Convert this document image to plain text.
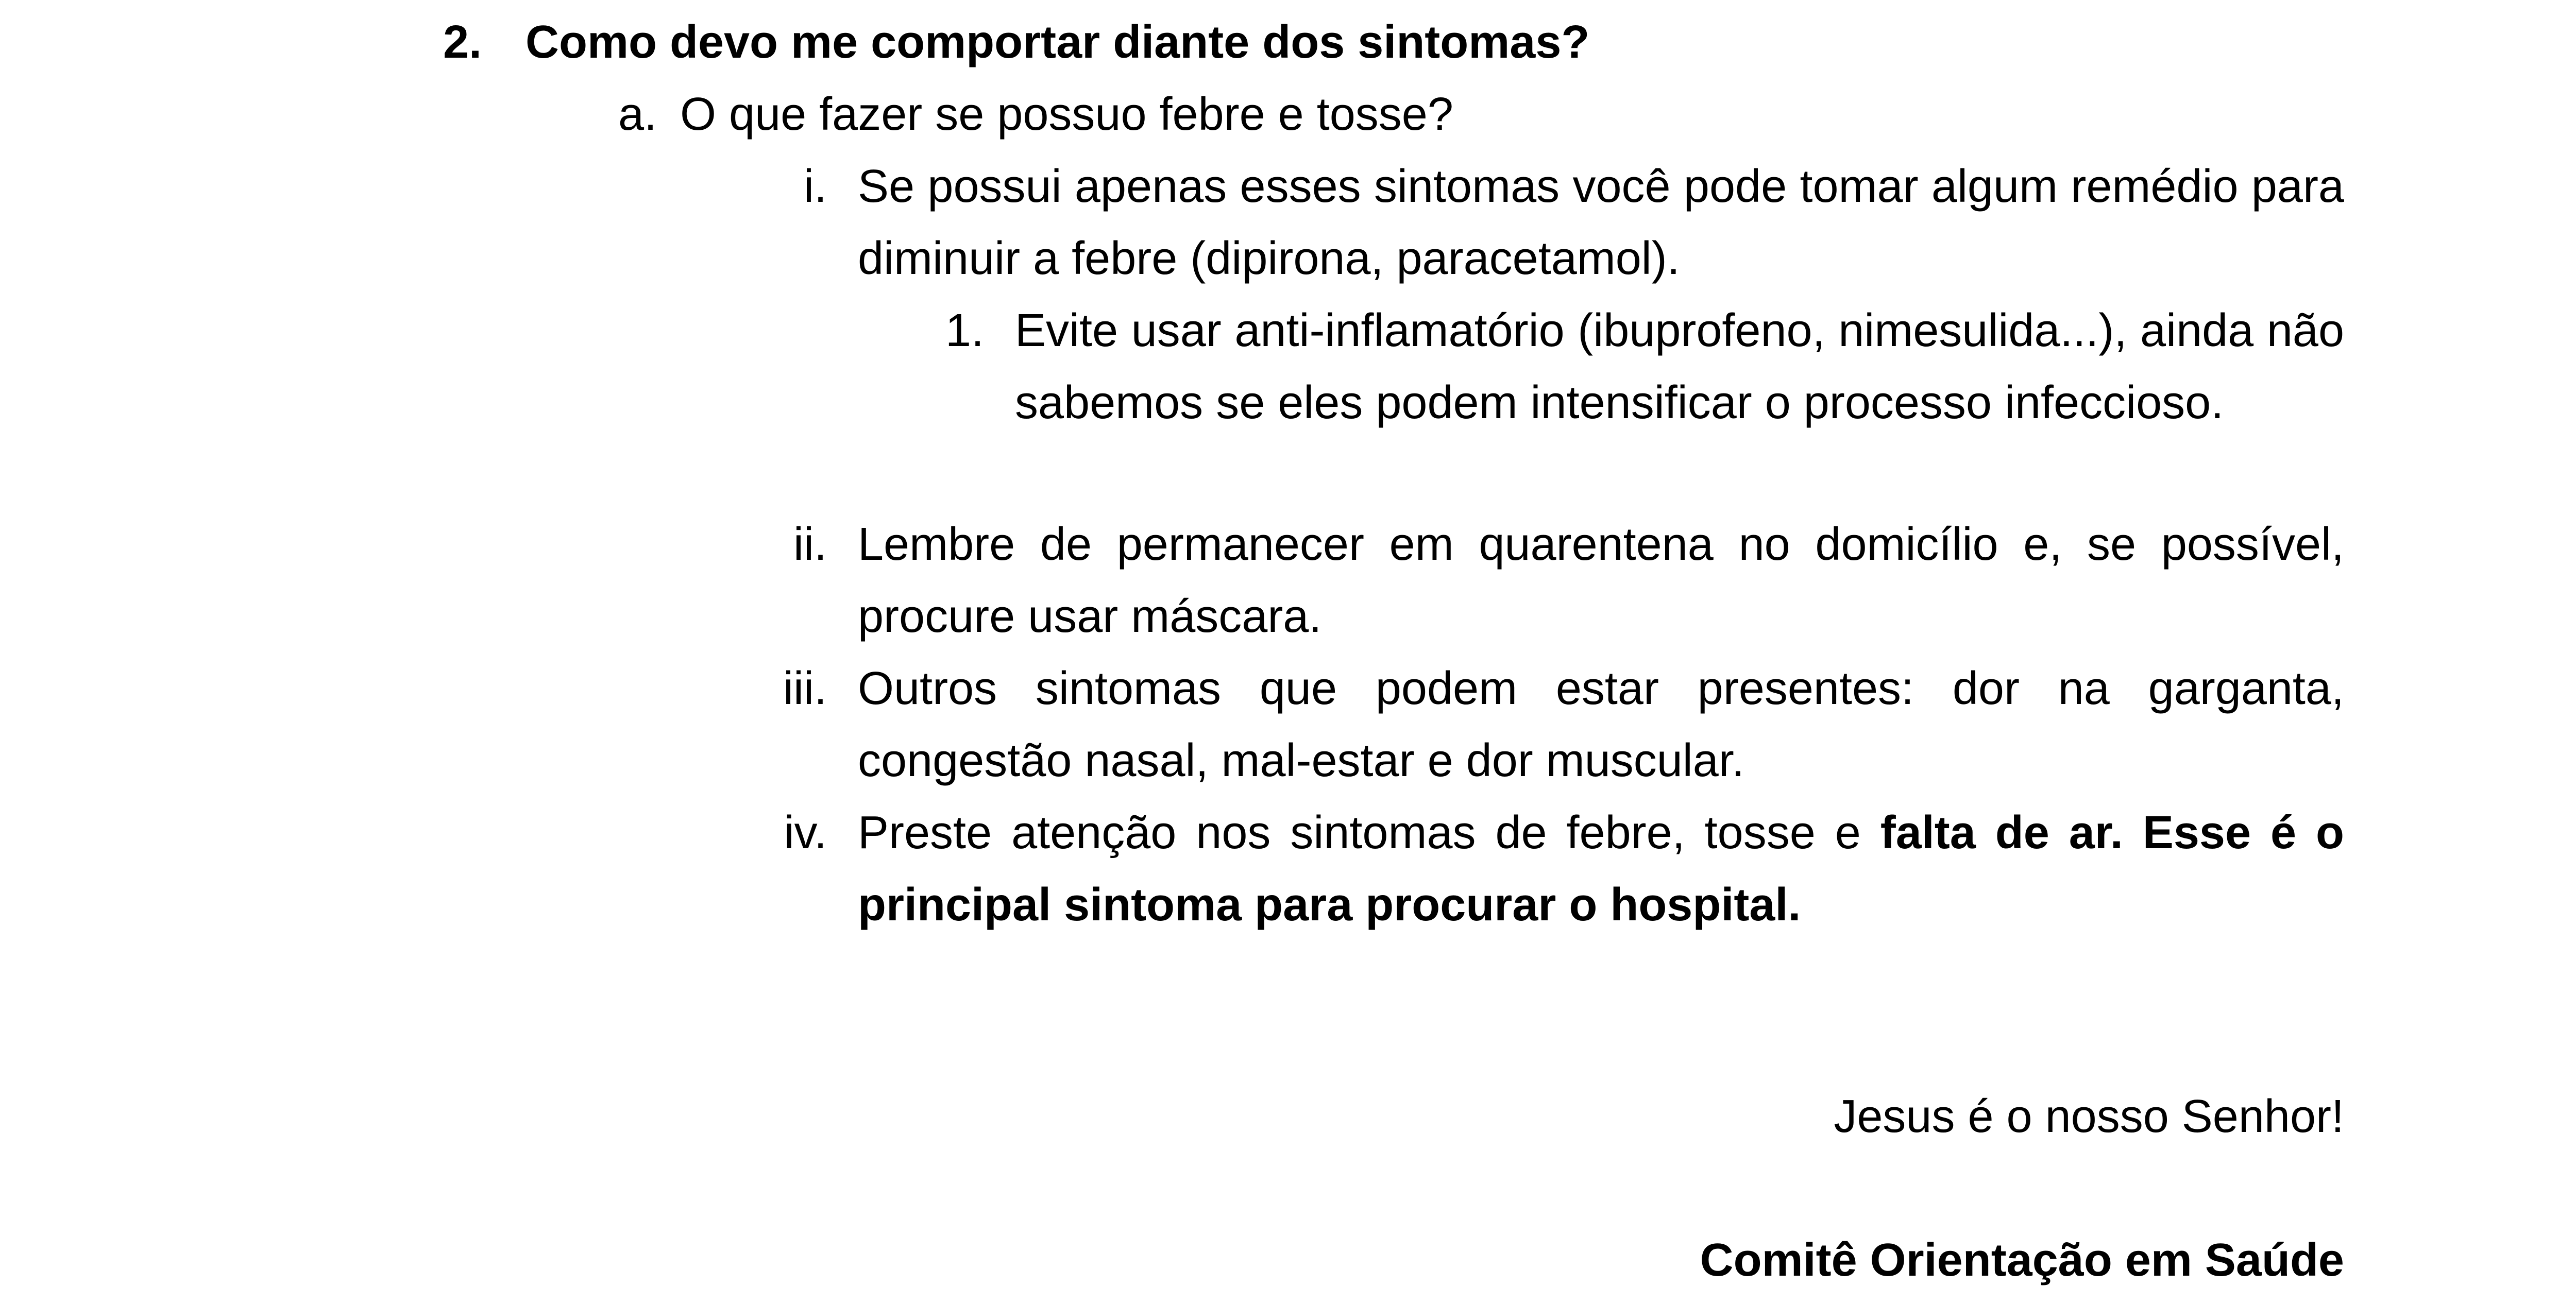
2. Como devo me comportar diante dos sintomas?
a. O que fazer se possuo febre e tosse?
i. Se possui apenas esses sintomas você pode tomar algum remédio para diminuir a febre (dipirona, paracetamol).
1. Evite usar anti-inflamatório (ibuprofeno, nimesulida...), ainda não sabemos se eles podem intensificar o processo infeccioso.
ii. Lembre de permanecer em quarentena no domicílio e, se possível, procure usar máscara.
iii. Outros sintomas que podem estar presentes: dor na garganta, congestão nasal, mal-estar e dor muscular.
iv. Preste atenção nos sintomas de febre, tosse e falta de ar. Esse é o principal sintoma para procurar o hospital.
Jesus é o nosso Senhor!
Comitê Orientação em Saúde
